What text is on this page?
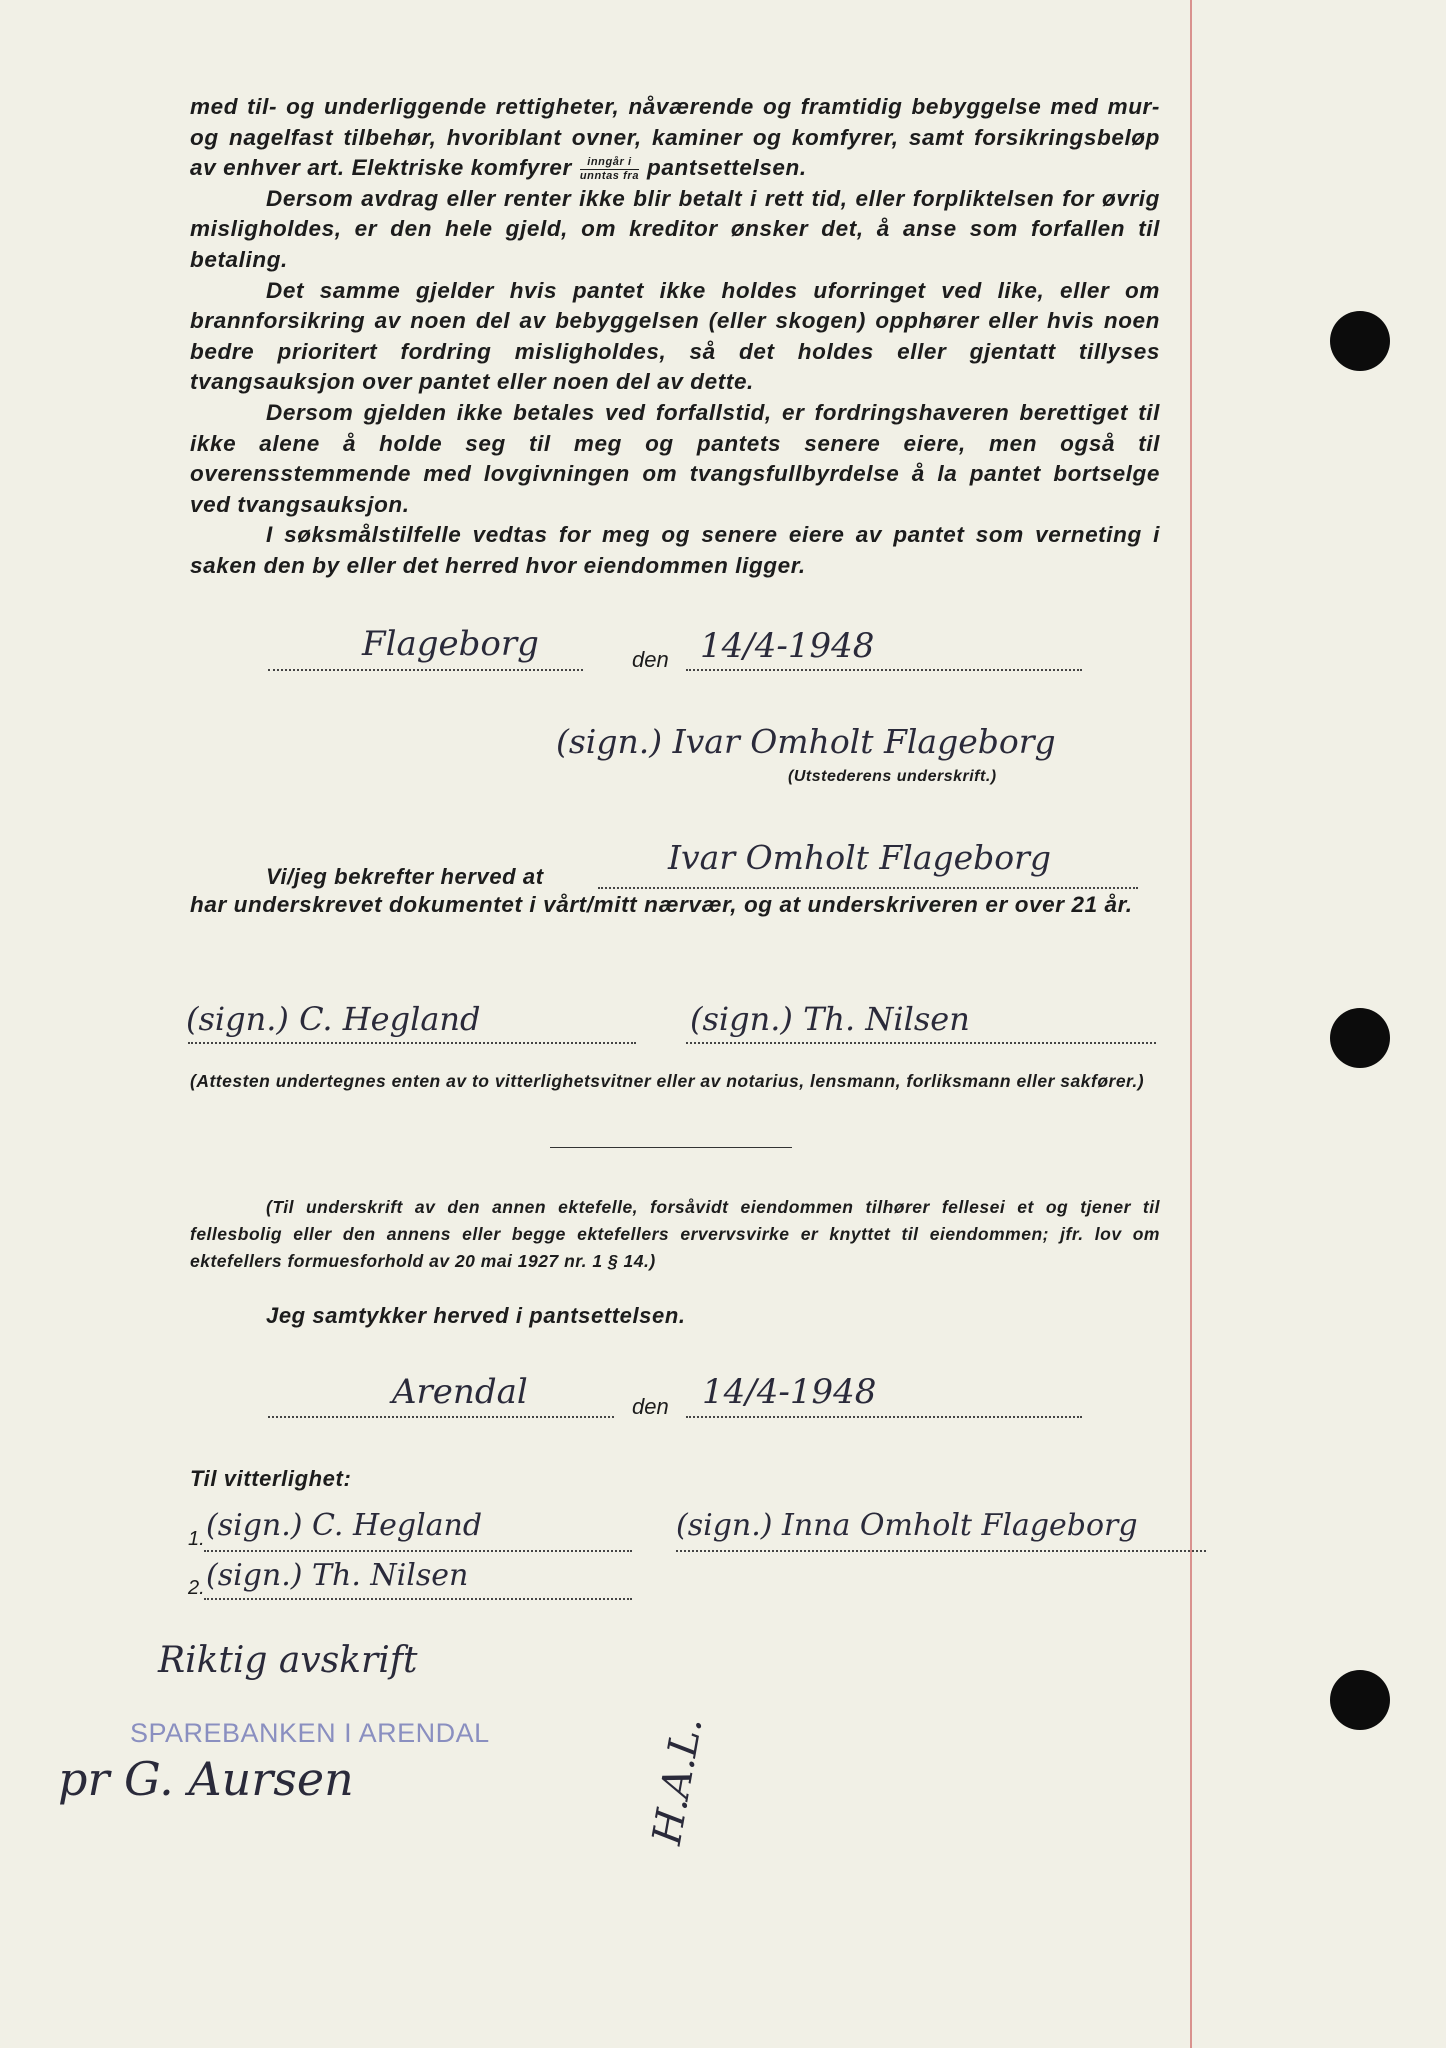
med til- og underliggende rettigheter, nåværende og framtidig bebyggelse med mur- og nagelfast tilbehør, hvoriblant ovner, kaminer og komfyrer, samt forsikringsbeløp av enhver art. Elektriske komfyrer $\frac{\text{inngår i}}{\text{unntas fra}}$ pantsettelsen.

Dersom avdrag eller renter ikke blir betalt i rett tid, eller forpliktelsen for øvrig misligholdes, er den hele gjeld, om kreditor ønsker det, å anse som forfallen til betaling.

Det samme gjelder hvis pantet ikke holdes uforringet ved like, eller om brannforsikring av noen del av bebyggelsen (eller skogen) opphører eller hvis noen bedre prioritert fordring misligholdes, så det holdes eller gjentatt tillyses tvangsauksjon over pantet eller noen del av dette.

Dersom gjelden ikke betales ved forfallstid, er fordringshaveren berettiget til ikke alene å holde seg til meg og pantets senere eiere, men også til overensstemmende med lovgivningen om tvangsfullbyrdelse å la pantet bortselge ved tvangsauksjon.

I søksmålstilfelle vedtas for meg og senere eiere av pantet som verneting i saken den by eller det herred hvor eiendommen ligger.

Flageborg	den 14/4-1948
(sign.) Ivar Omholt Flageborg
(Utstederens underskrift.)
Vi/jeg bekrefter herved at	Ivar Omholt Flageborg
har underskrevet dokumentet i vårt/mitt nærvær, og at underskriveren er over 21 år.
(sign.) C. Hegland	(sign.) Th. Nilsen
(Attesten undertegnes enten av to vitterlighetsvitner eller av notarius, lensmann, forliksmann eller sakfører.)
(Til underskrift av den annen ektefelle, forsåvidt eiendommen tilhører fellesei et og tjener til fellesbolig eller den annens eller begge ektefellers ervervsvirke er knyttet til eiendommen; jfr. lov om ektefellers formuesforhold av 20 mai 1927 nr. 1 § 14.)
Jeg samtykker herved i pantsettelsen.
Arendal	den 14/4-1948
Til vitterlighet:
1. (sign.) C. Hegland
2. (sign.) Th. Nilsen
(sign.) Inna Omholt Flageborg
Riktig avskrift
SPAREBANKEN I ARENDAL
pr G. Aursen	H.A.L.
